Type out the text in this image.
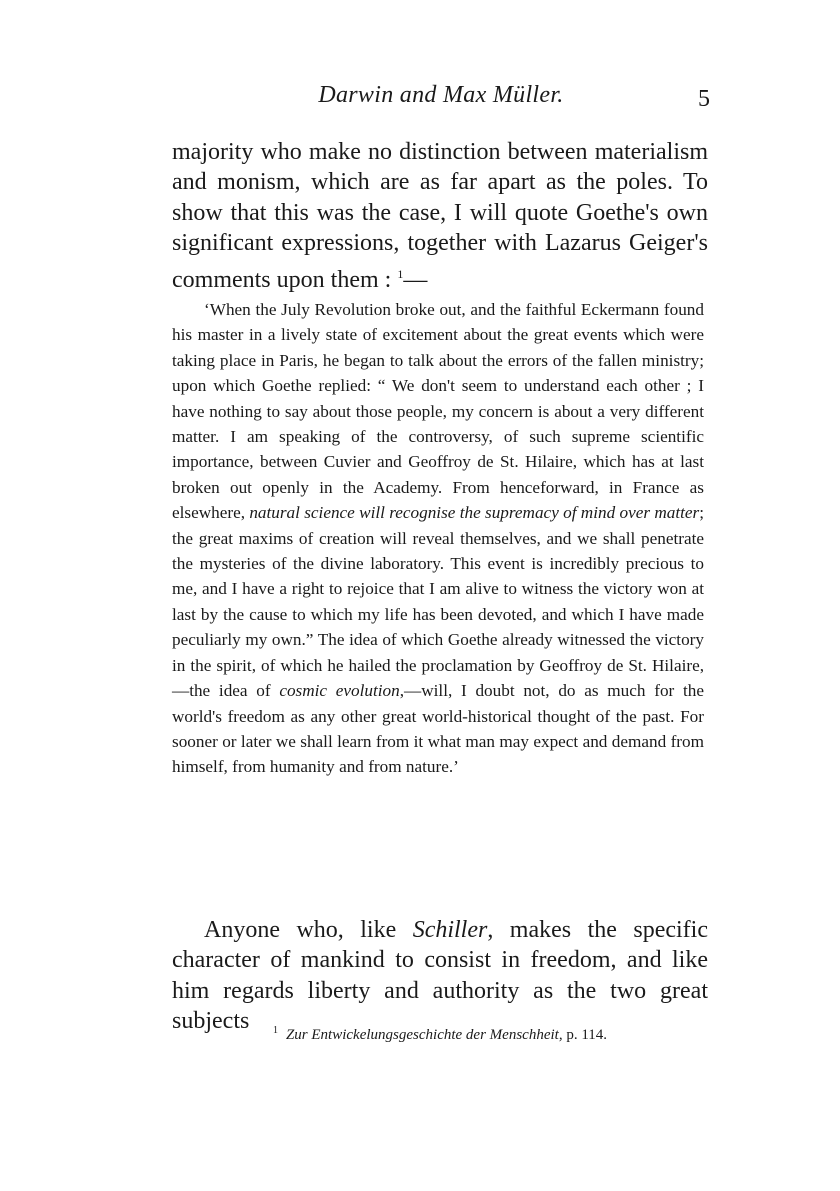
Darwin and Max Müller.	5

majority who make no distinction between materialism and monism, which are as far apart as the poles. To show that this was the case, I will quote Goethe's own significant expressions, together with Lazarus Geiger's comments upon them : $^1$—

‘When the July Revolution broke out, and the faithful Eckermann found his master in a lively state of excitement about the great events which were taking place in Paris, he began to talk about the errors of the fallen ministry; upon which Goethe replied: “ We don't seem to understand each other ; I have nothing to say about those people, my concern is about a very different matter. I am speaking of the controversy, of such supreme scientific importance, between Cuvier and Geoffroy de St. Hilaire, which has at last broken out openly in the Academy. From henceforward, in France as elsewhere, natural science will recognise the supremacy of mind over matter; the great maxims of creation will reveal themselves, and we shall penetrate the mysteries of the divine laboratory. This event is incredibly precious to me, and I have a right to rejoice that I am alive to witness the victory won at last by the cause to which my life has been devoted, and which I have made peculiarly my own.” The idea of which Goethe already witnessed the victory in the spirit, of which he hailed the proclamation by Geoffroy de St. Hilaire,—the idea of cosmic evolution,—will, I doubt not, do as much for the world's freedom as any other great world-historical thought of the past. For sooner or later we shall learn from it what man may expect and demand from himself, from humanity and from nature.’

Anyone who, like Schiller, makes the specific character of mankind to consist in freedom, and like him regards liberty and authority as the two great subjects	$^1$ Zur Entwickelungsgeschichte der Menschheit, p. 114.
